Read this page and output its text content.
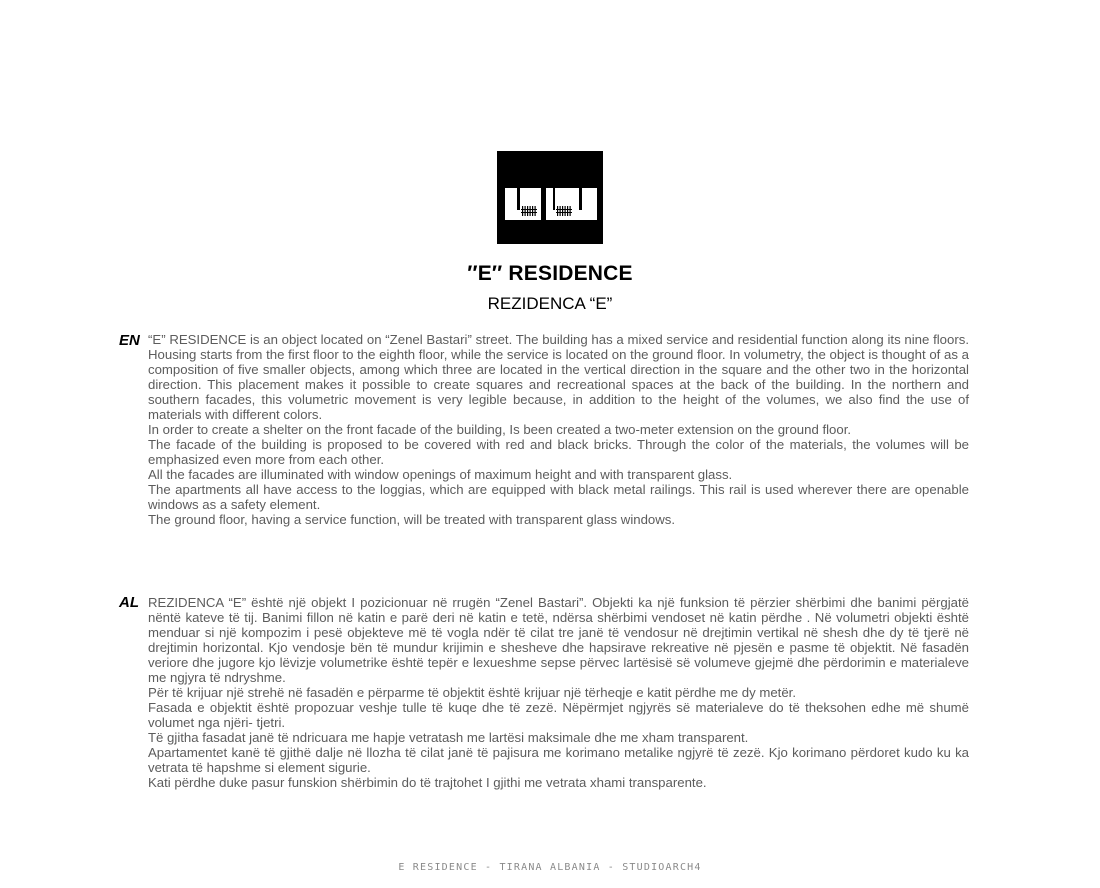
′′E′′ RESIDENCE
REZIDENCA “E”
EN “E” RESIDENCE is an object located on “Zenel Bastari” street. The building has a mixed service and residential function along its nine floors. Housing starts from the first floor to the eighth floor, while the service is located on the ground floor. In volumetry, the object is thought of as a composition of five smaller objects, among which three are located in the vertical direction in the square and the other two in the horizontal direction. This placement makes it possible to create squares and recreational spaces at the back of the building. In the northern and southern facades, this volumetric movement is very legible because, in addition to the height of the volumes, we also find the use of materials with different colors.

In order to create a shelter on the front facade of the building, Is been created a two-meter extension on the ground floor.

The facade of the building is proposed to be covered with red and black bricks. Through the color of the materials, the volumes will be emphasized even more from each other.

All the facades are illuminated with window openings of maximum height and with transparent glass.

The apartments all have access to the loggias, which are equipped with black metal railings. This rail is used wherever there are openable windows as a safety element.

The ground floor, having a service function, will be treated with transparent glass windows.

AL REZIDENCA “E” është një objekt I pozicionuar në rrugën “Zenel Bastari”. Objekti ka një funksion të përzier shërbimi dhe banimi përgjatë nëntë kateve të tij. Banimi fillon në katin e parë deri në katin e tetë, ndërsa shërbimi vendoset në katin përdhe . Në volumetri objekti është menduar si një kompozim i pesë objekteve më të vogla ndër të cilat tre janë të vendosur në drejtimin vertikal në shesh dhe dy të tjerë në drejtimin horizontal. Kjo vendosje bën të mundur krijimin e shesheve dhe hapsirave rekreative në pjesën e pasme të objektit. Në fasadën veriore dhe jugore kjo lëvizje volumetrike është tepër e lexueshme sepse përvec lartësisë së volumeve gjejmë dhe përdorimin e materialeve me ngjyra të ndryshme.

Për të krijuar një strehë në fasadën e përparme të objektit është krijuar një tërheqje e katit përdhe me dy metër.

Fasada e objektit është propozuar veshje tulle të kuqe dhe të zezë. Nëpërmjet ngjyrës së materialeve do të theksohen edhe më shumë volumet nga njëri- tjetri.

Të gjitha fasadat janë të ndricuara me hapje vetratash me lartësi maksimale dhe me xham transparent.

Apartamentet kanë të gjithë dalje në llozha të cilat janë të pajisura me korimano metalike ngjyrë të zezë. Kjo korimano përdoret kudo ku ka vetrata të hapshme si element sigurie.

Kati përdhe duke pasur funskion shërbimin do të trajtohet I gjithi me vetrata xhami transparente.

E RESIDENCE - TIRANA ALBANIA - STUDIOARCH4
